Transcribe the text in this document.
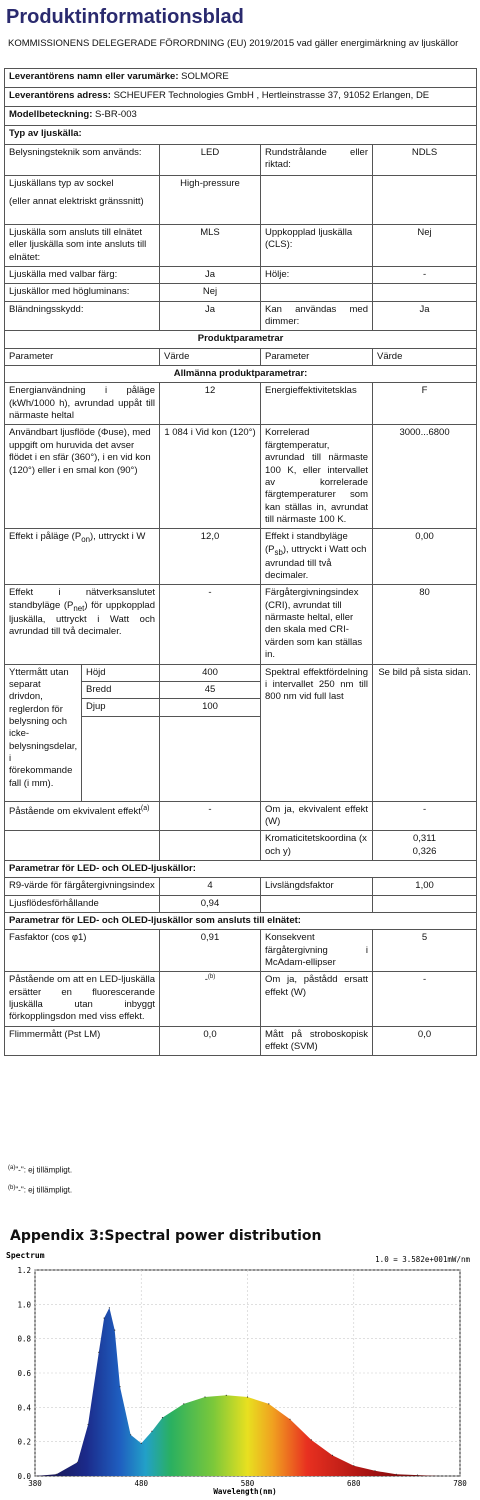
Produktinformationsblad
KOMMISSIONENS DELEGERADE FÖRORDNING (EU) 2019/2015 vad gäller energimärkning av ljuskällor
Leverantörens namn eller varumärke: SOLMORE				
Leverantörens adress: SCHEUFER Technologies GmbH , Hertleinstrasse 37, 91052 Erlangen, DE				
Modellbeteckning: S-BR-003				
Typ av ljuskälla:				
Belysningsteknik som används:		LED	Rundstrålande eller riktad:	NDLS

Ljuskällans typ av sockel
(eller annat elektriskt gränssnitt)		High-pressure		
Ljuskälla som ansluts till elnätet eller ljuskälla som inte ansluts till elnätet:		MLS	Uppkopplad ljuskälla (CLS):	Nej
Ljuskälla med valbar färg:		Ja	Hölje:	-
Ljuskällor med högluminans:		Nej		
Bländningsskydd:		Ja	Kan användas med dimmer:	Ja
Produktparametrar				
Parameter		Värde	Parameter	Värde
Allmänna produktparametrar:				
Energianvändning i påläge (kWh/1000 h), avrundad uppåt till närmaste heltal		12	Energieffektivitetsklas	F
Användbart ljusflöde (Φuse), med uppgift om huruvida det avser flödet i en sfär (360°), i en vid kon (120°) eller i en smal kon (90°)		1 084 i Vid kon (120°)	Korrelerad färgtemperatur, avrundad till närmaste 100 K, eller intervallet av korrelerade färgtemperaturer som kan ställas in, avrundat till närmaste 100 K.	3000...6800
Effekt i påläge $(P_{on})$, uttryckt i W		12,0	Effekt i standbyläge $(P_{sb})$, uttryckt i Watt och avrundad till två decimaler.	0,00
Effekt i nätverksanslutet standbyläge $(P_{net})$ för uppkopplad ljuskälla, uttryckt i Watt och avrundad till två decimaler.		-	Färgåtergivningsindex (CRI), avrundat till närmaste heltal, eller den skala med CRI-värden som kan ställas in.	80
Yttermått utan separat drivdon, reglerdon för belysning och icke-belysningsdelar, i förekommande fall (i mm).	Höjd	400	Spektral effektfördelning i intervallet 250 nm till 800 nm vid full last	Se bild på sista sidan.
	Bredd	45		
	Djup	100		

Påstående om ekvivalent effekt$^{(a)}$		-	Om ja, ekvivalent effekt (W)	-
			Kromaticitetskoordina (x och y)	0,311
0,326

Parametrar för LED- och OLED-ljuskällor:				
R9-värde för färgåtergivningsindex		4	Livslängdsfaktor	1,00
Ljusflödesförhållande		0,94		
Parametrar för LED- och OLED-ljuskällor som ansluts till elnätet:				
Fasfaktor (cos φ1)		0,91	Konsekvent färgåtergivning i McAdam-ellipser	5
Påstående om att en LED-ljuskälla ersätter en fluorescerande ljuskälla utan inbyggt förkopplingsdon med viss effekt.		-$^{(b)}$	Om ja, påstådd ersatt effekt (W)	-
Flimmermått (Pst LM)		0,0	Mått på stroboskopisk effekt (SVM)	0,0
$^{(a)}$"-": ej tillämpligt.
$^{(b)}$"-": ej tillämpligt.
Appendix 3:Spectral power distribution
0.0
0.2
0.4
0.6
0.8
1.0
1.2
380	480	580	680	780
Spectrum	1.0 = 3.582e+001mW/nm
Wavelength(nm)
